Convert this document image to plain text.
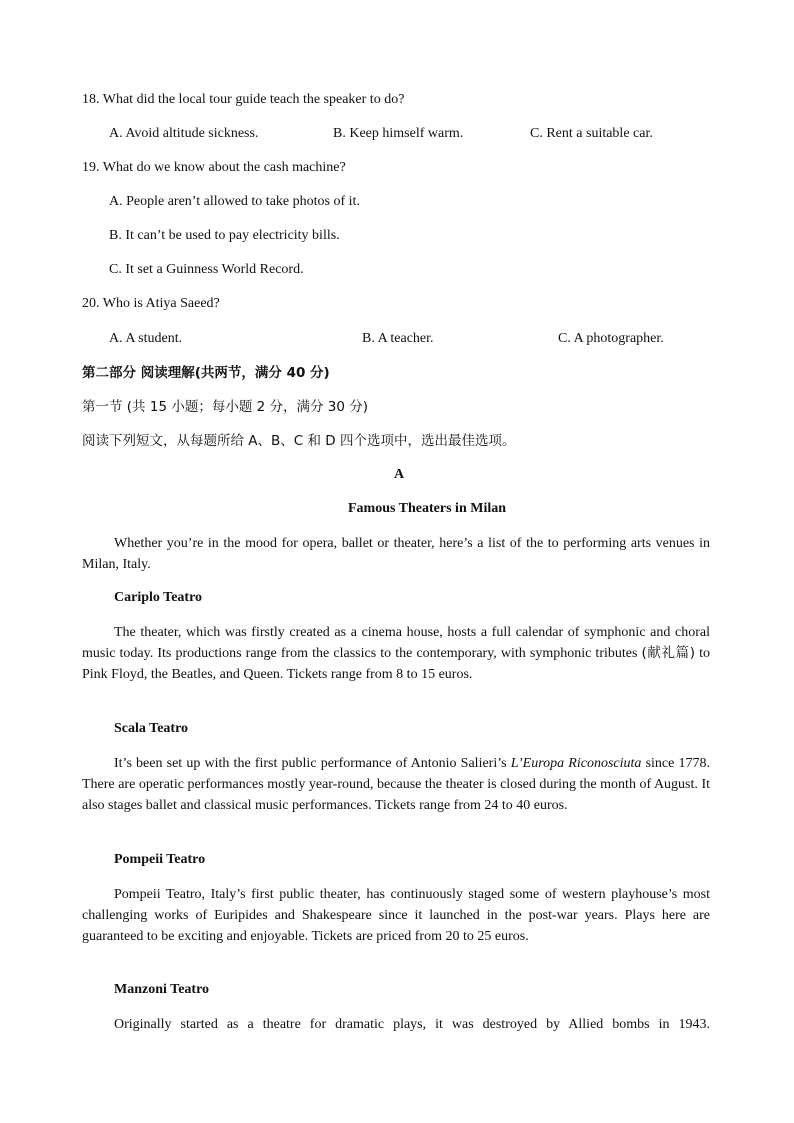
18. What did the local tour guide teach the speaker to do?
A. Avoid altitude sickness.	B. Keep himself warm.	C. Rent a suitable car.
19. What do we know about the cash machine?
A. People aren’t allowed to take photos of it.
B. It can’t be used to pay electricity bills.
C. It set a Guinness World Record.
20. Who is Atiya Saeed?
A. A student.	B. A teacher.	C. A photographer.
第二部分 阅读理解(共两节，满分 40 分)
第一节 (共 15 小题；每小题 2 分，满分 30 分)
阅读下列短文，从每题所给 A、B、C 和 D 四个选项中，选出最佳选项。
A
Famous Theaters in Milan
Whether you’re in the mood for opera, ballet or theater, here’s a list of the to performing arts venues in Milan, Italy.
Cariplo Teatro
The theater, which was firstly created as a cinema house, hosts a full calendar of symphonic and choral music today. Its productions range from the classics to the contemporary, with symphonic tributes (献礼篇) to Pink Floyd, the Beatles, and Queen. Tickets range from 8 to 15 euros.
Scala Teatro
It’s been set up with the first public performance of Antonio Salieri’s L’Europa Riconosciuta since 1778. There are operatic performances mostly year-round, because the theater is closed during the month of August. It also stages ballet and classical music performances. Tickets range from 24 to 40 euros.
Pompeii Teatro
Pompeii Teatro, Italy’s first public theater, has continuously staged some of western playhouse’s most challenging works of Euripides and Shakespeare since it launched in the post-war years. Plays here are guaranteed to be exciting and enjoyable. Tickets are priced from 20 to 25 euros.
Manzoni Teatro
Originally started as a theatre for dramatic plays, it was destroyed by Allied bombs in 1943.
